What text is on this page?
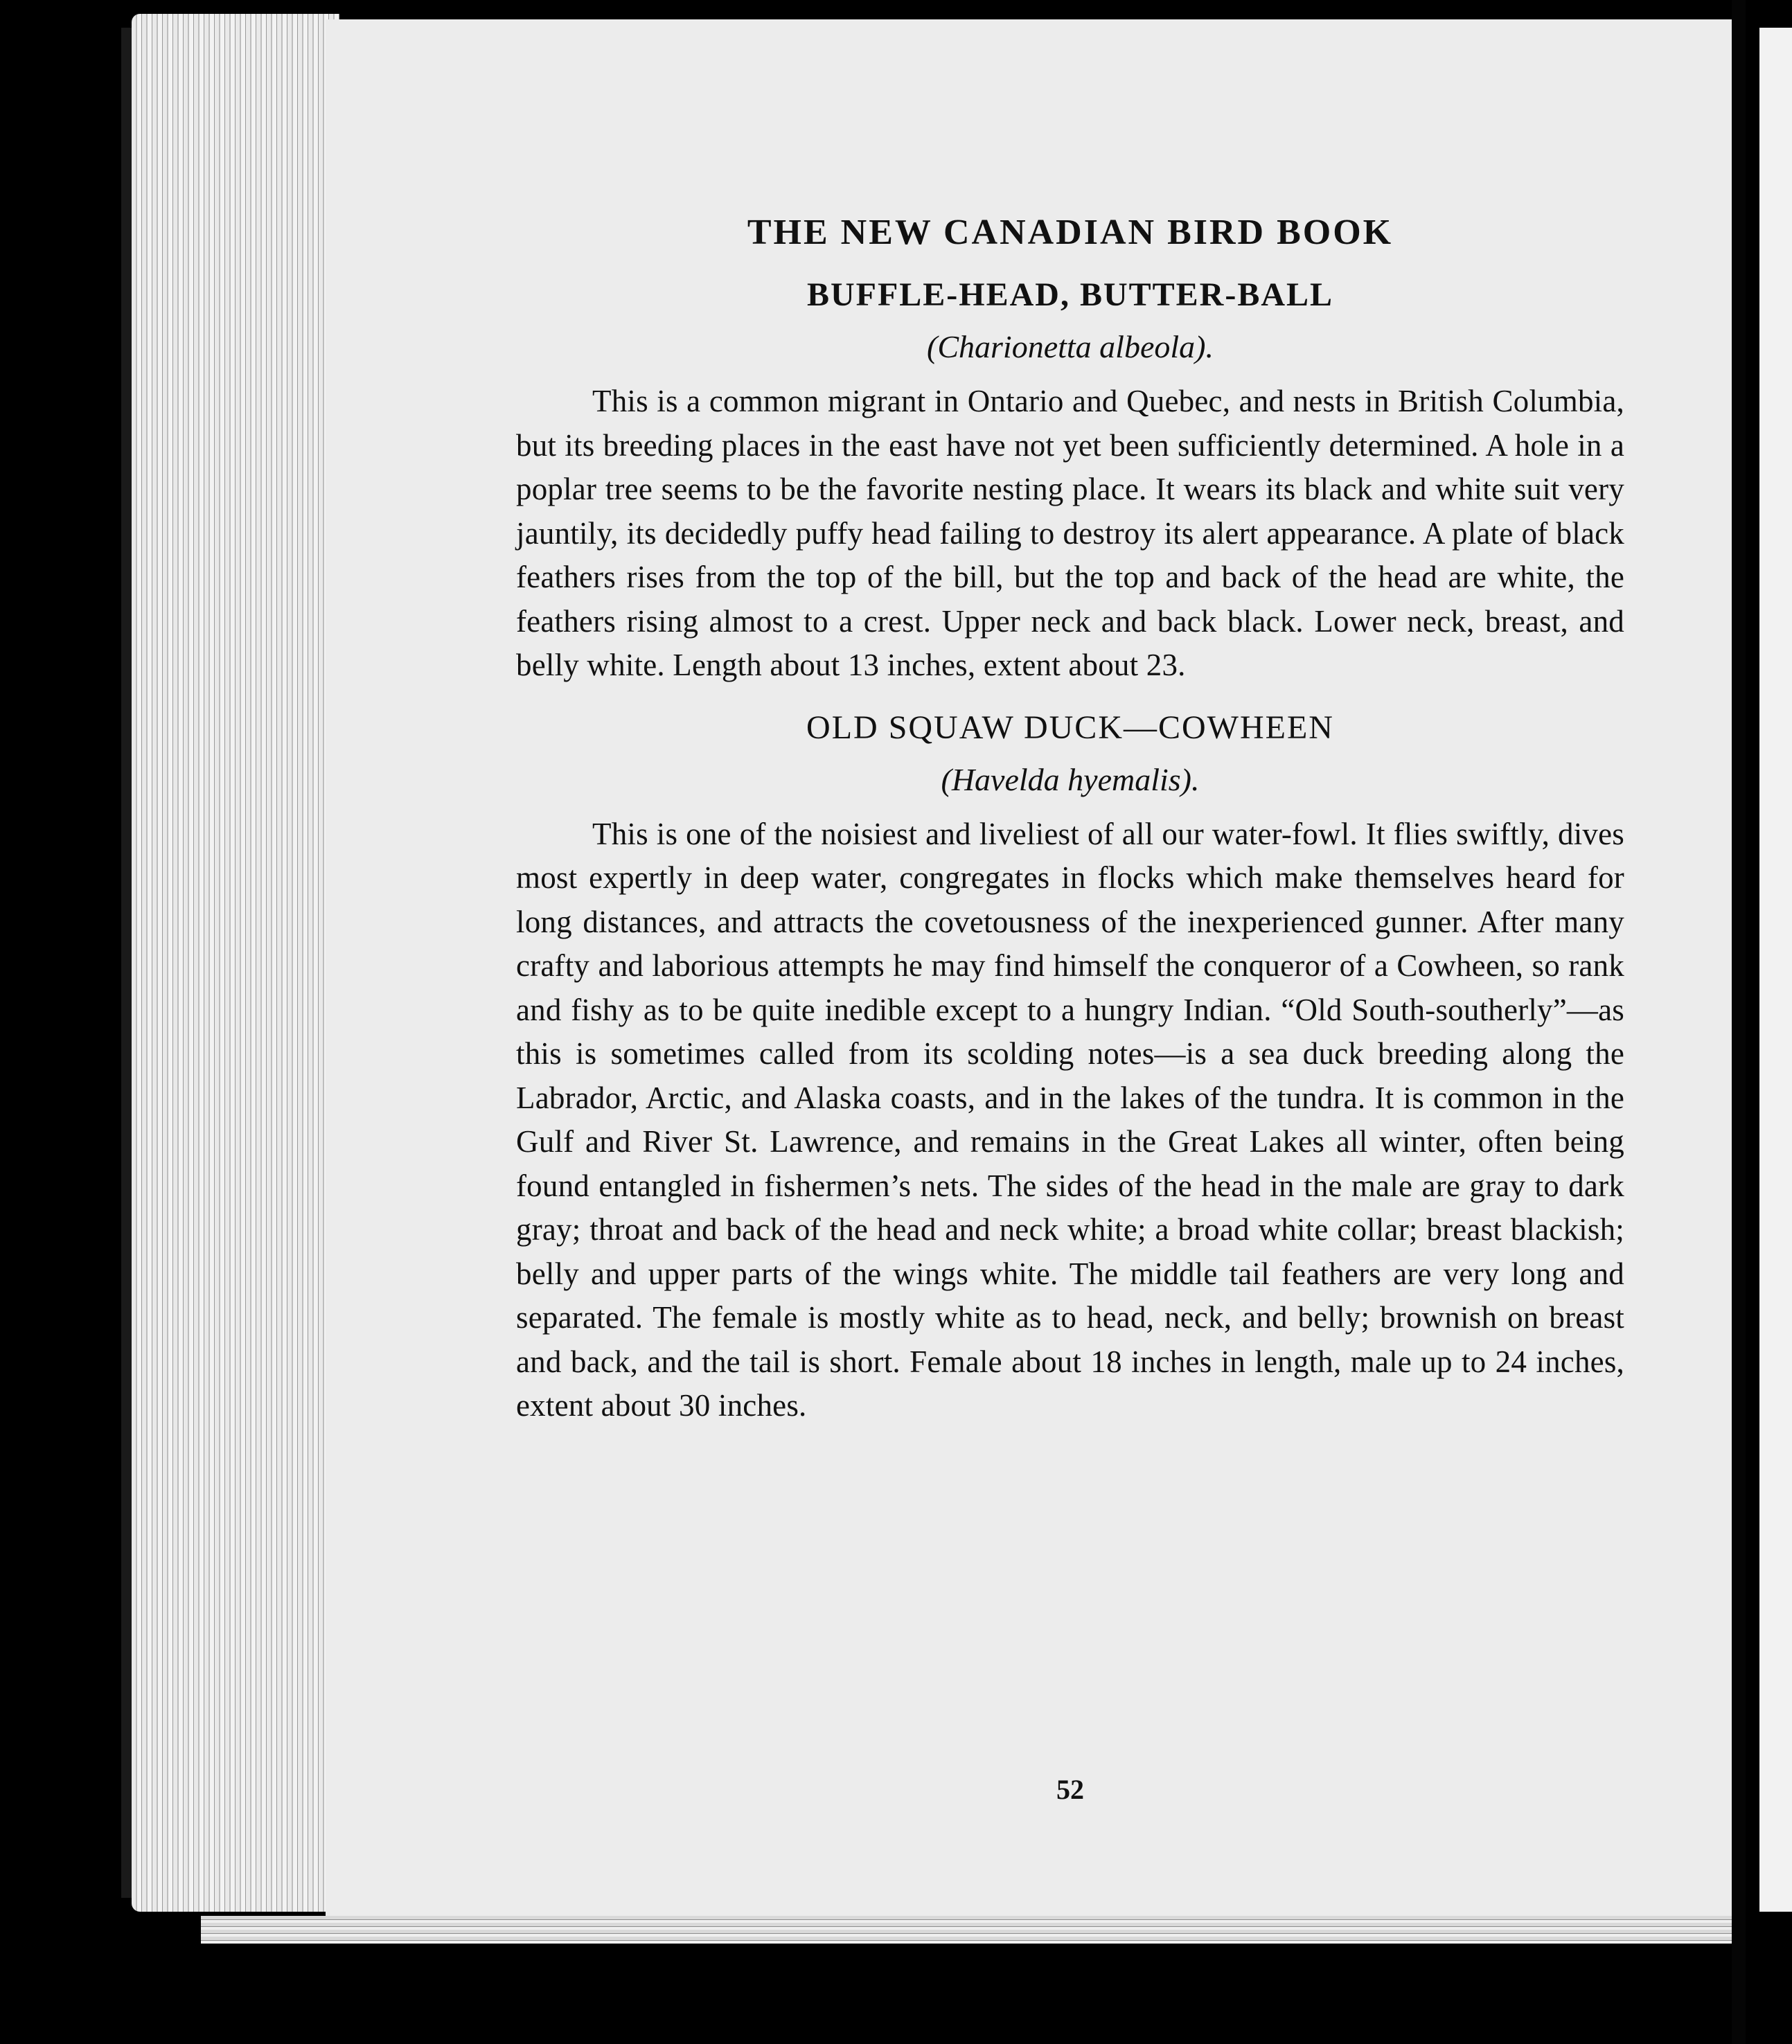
THE NEW CANADIAN BIRD BOOK
BUFFLE-HEAD, BUTTER-BALL
(Charionetta albeola).

This is a common migrant in Ontario and Quebec, and nests in British Columbia, but its breeding places in the east have not yet been sufficiently determined. A hole in a poplar tree seems to be the favorite nesting place. It wears its black and white suit very jauntily, its decidedly puffy head failing to destroy its alert appearance. A plate of black feathers rises from the top of the bill, but the top and back of the head are white, the feathers rising almost to a crest. Upper neck and back black. Lower neck, breast, and belly white. Length about 13 inches, extent about 23.

OLD SQUAW DUCK—COWHEEN
(Havelda hyemalis).

This is one of the noisiest and liveliest of all our water-fowl. It flies swiftly, dives most expertly in deep water, congregates in flocks which make themselves heard for long distances, and attracts the covetousness of the inexperienced gunner. After many crafty and laborious attempts he may find himself the conqueror of a Cowheen, so rank and fishy as to be quite inedible except to a hungry Indian. “Old South-southerly”—as this is sometimes called from its scolding notes—is a sea duck breeding along the Labrador, Arctic, and Alaska coasts, and in the lakes of the tundra. It is common in the Gulf and River St. Lawrence, and remains in the Great Lakes all winter, often being found entangled in fishermen’s nets. The sides of the head in the male are gray to dark gray; throat and back of the head and neck white; a broad white collar; breast blackish; belly and upper parts of the wings white. The middle tail feathers are very long and separated. The female is mostly white as to head, neck, and belly; brownish on breast and back, and the tail is short. Female about 18 inches in length, male up to 24 inches, extent about 30 inches.

52
